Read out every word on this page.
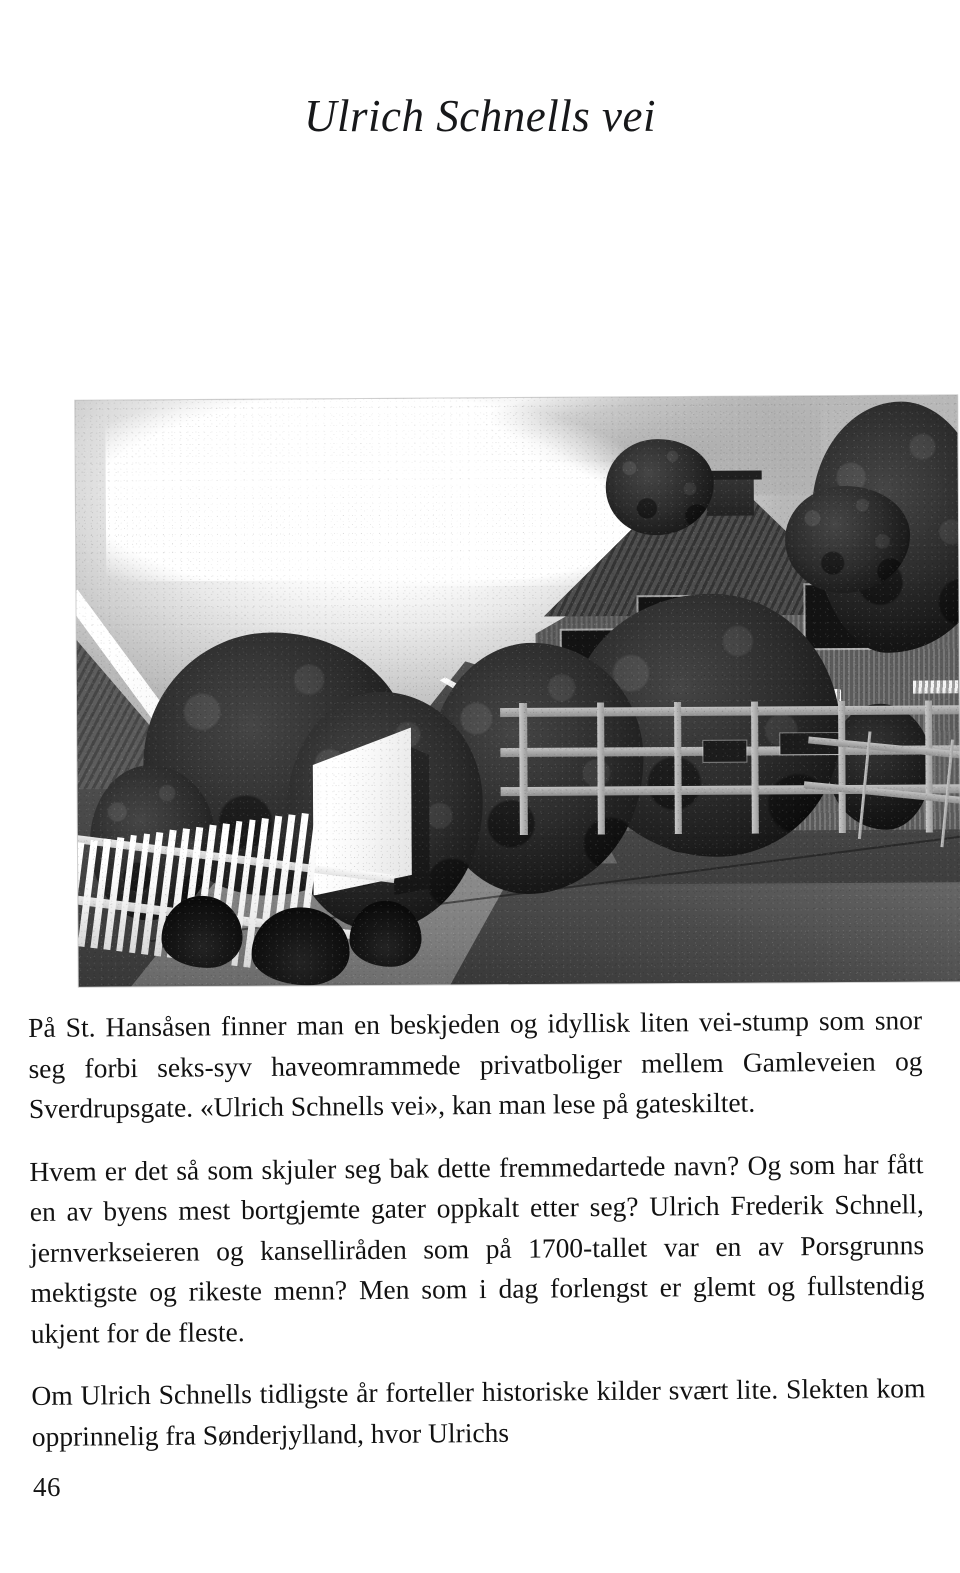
Ulrich Schnells vei

På St. Hansåsen finner man en beskjeden og idyllisk liten vei-stump som snor seg forbi seks-syv haveomrammede privatboliger mellem Gamleveien og Sverdrupsgate. «Ulrich Schnells vei», kan man lese på gateskiltet.

Hvem er det så som skjuler seg bak dette fremmedartede navn? Og som har fått en av byens mest bortgjemte gater oppkalt etter seg? Ulrich Frederik Schnell, jernverkseieren og kanselliråden som på 1700-tallet var en av Porsgrunns mektigste og rikeste menn? Men som i dag forlengst er glemt og fullstendig ukjent for de fleste.

Om Ulrich Schnells tidligste år forteller historiske kilder svært lite. Slekten kom opprinnelig fra Sønderjylland, hvor Ulrichs

46
